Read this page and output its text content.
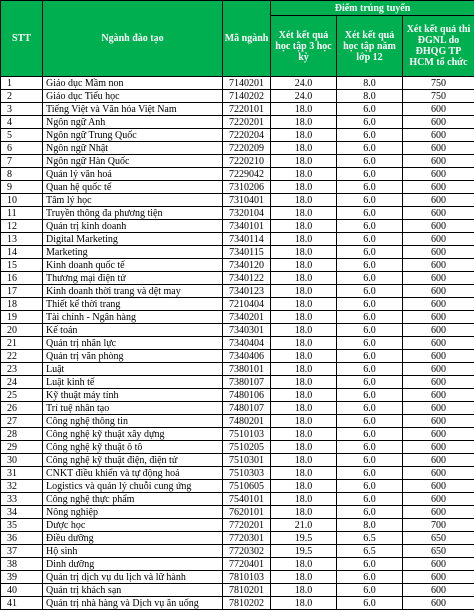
STT	Ngành đào tạo	Mã ngành	Điểm trúng tuyển		
			Xét kết quả học tập 3 học kỳ	Xét kết quả học tập năm lớp 12	Xét kết quả thi ĐGNL do ĐHQG TP HCM tổ chức
1	Giáo dục Mầm non	7140201	24.0	8.0	750
2	Giáo dục Tiểu học	7140202	24.0	8.0	750
3	Tiếng Việt và Văn hóa Việt Nam	7220101	18.0	6.0	600
4	Ngôn ngữ Anh	7220201	18.0	6.0	600
5	Ngôn ngữ Trung Quốc	7220204	18.0	6.0	600
6	Ngôn ngữ Nhật	7220209	18.0	6.0	600
7	Ngôn ngữ Hàn Quốc	7220210	18.0	6.0	600
8	Quản lý văn hoá	7229042	18.0	6.0	600
9	Quan hệ quốc tế	7310206	18.0	6.0	600
10	Tâm lý học	7310401	18.0	6.0	600
11	Truyền thông đa phương tiện	7320104	18.0	6.0	600
12	Quản trị kinh doanh	7340101	18.0	6.0	600
13	Digital Marketing	7340114	18.0	6.0	600
14	Marketing	7340115	18.0	6.0	600
15	Kinh doanh quốc tế	7340120	18.0	6.0	600
16	Thương mại điện tử	7340122	18.0	6.0	600
17	Kinh doanh thời trang và dệt may	7340123	18.0	6.0	600
18	Thiết kế thời trang	7210404	18.0	6.0	600
19	Tài chính - Ngân hàng	7340201	18.0	6.0	600
20	Kế toán	7340301	18.0	6.0	600
21	Quản trị nhân lực	7340404	18.0	6.0	600
22	Quản trị văn phòng	7340406	18.0	6.0	600
23	Luật	7380101	18.0	6.0	600
24	Luật kinh tế	7380107	18.0	6.0	600
25	Kỹ thuật máy tính	7480106	18.0	6.0	600
26	Trí tuệ nhân tạo	7480107	18.0	6.0	600
27	Công nghệ thông tin	7480201	18.0	6.0	600
28	Công nghệ kỹ thuật xây dựng	7510103	18.0	6.0	600
29	Công nghệ kỹ thuật ô tô	7510205	18.0	6.0	600
30	Công nghệ kỹ thuật điện, điện tử	7510301	18.0	6.0	600
31	CNKT điều khiển và tự động hoá	7510303	18.0	6.0	600
32	Logistics và quản lý chuỗi cung ứng	7510605	18.0	6.0	600
33	Công nghệ thực phẩm	7540101	18.0	6.0	600
34	Nông nghiệp	7620101	18.0	6.0	600
35	Dược học	7720201	21.0	8.0	700
36	Điều dưỡng	7720301	19.5	6.5	650
37	Hộ sinh	7720302	19.5	6.5	650
38	Dinh dưỡng	7720401	18.0	6.0	600
39	Quản trị dịch vụ du lịch và lữ hành	7810103	18.0	6.0	600
40	Quản trị khách sạn	7810201	18.0	6.0	600
41	Quản trị nhà hàng và Dịch vụ ăn uống	7810202	18.0	6.0	600
